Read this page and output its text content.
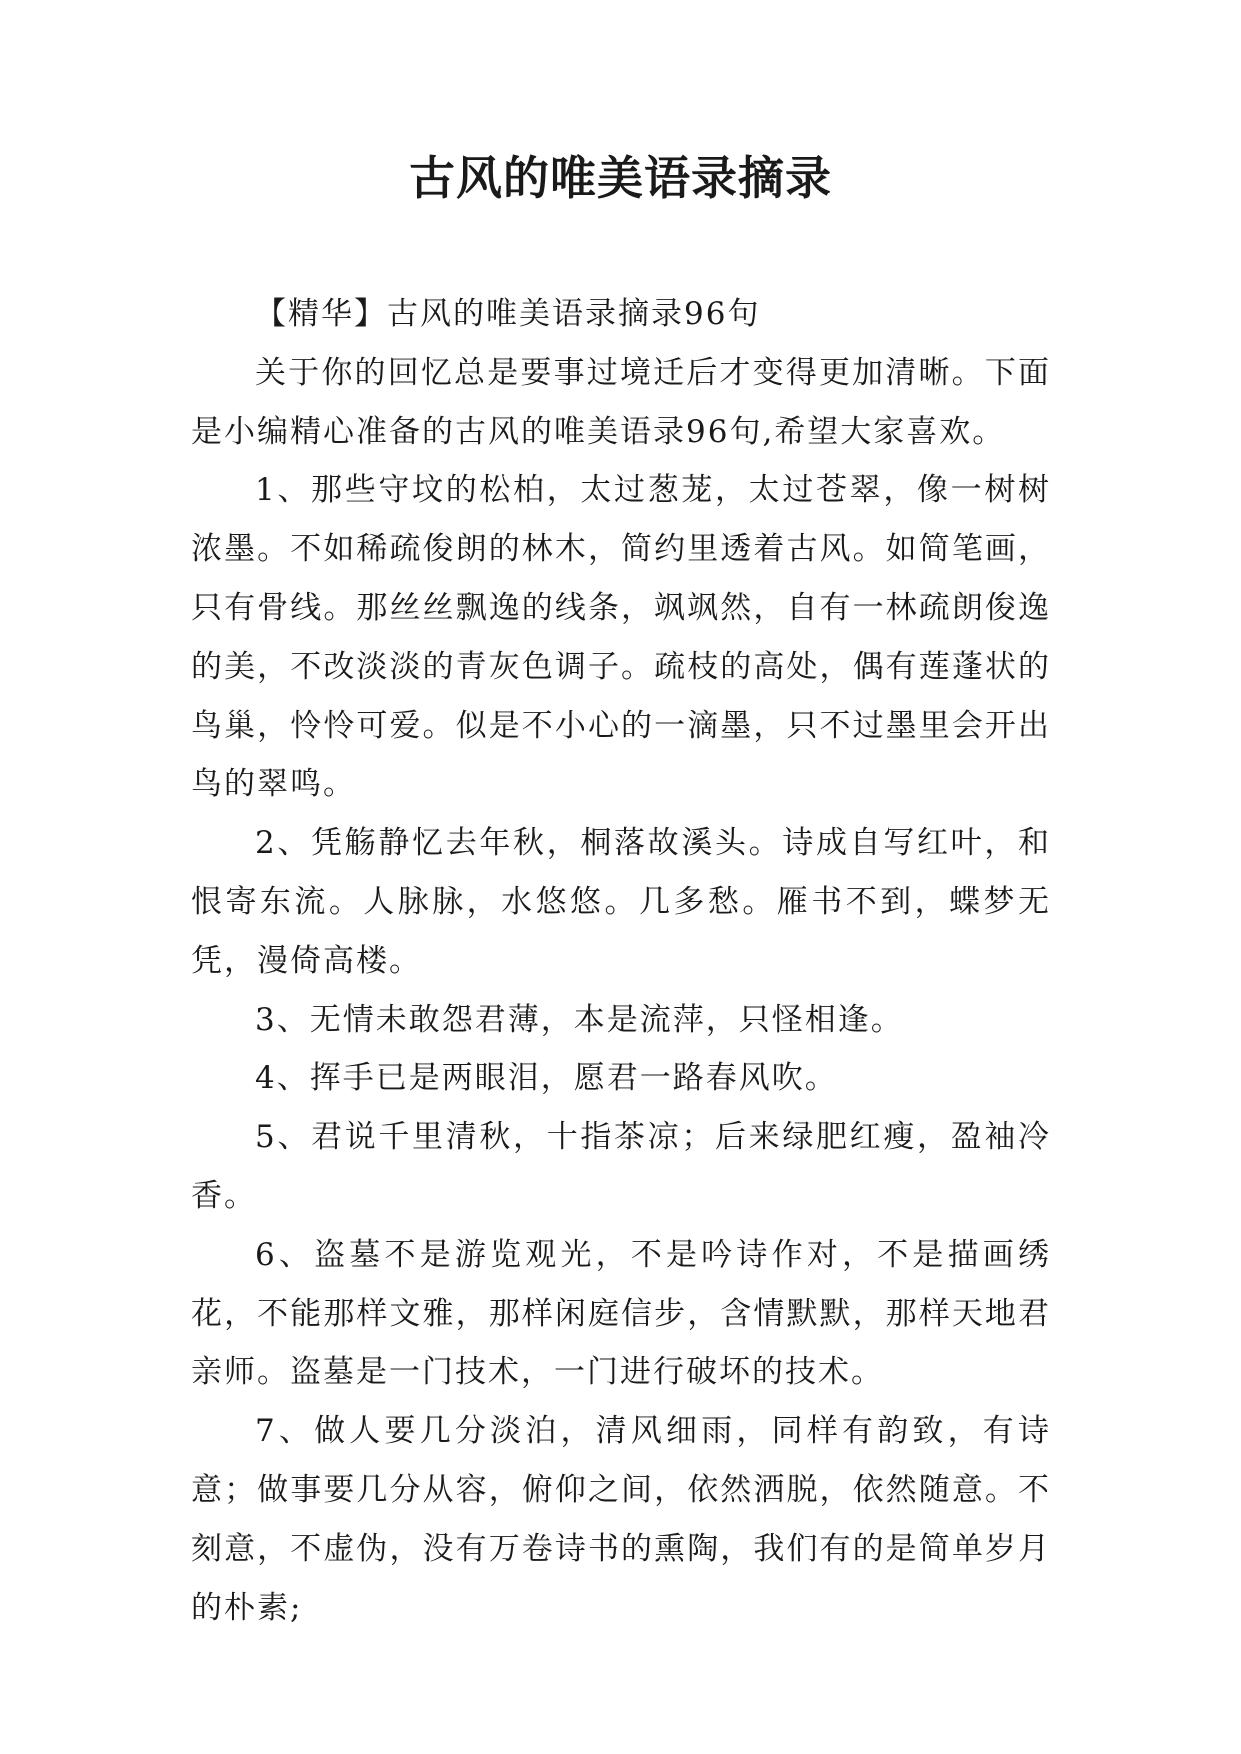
古风的唯美语录摘录

【精华】古风的唯美语录摘录96句

关于你的回忆总是要事过境迁后才变得更加清晰。下面是小编精心准备的古风的唯美语录96句,希望大家喜欢。

1、那些守坟的松柏，太过葱茏，太过苍翠，像一树树浓墨。不如稀疏俊朗的林木，简约里透着古风。如简笔画，只有骨线。那丝丝飘逸的线条，飒飒然，自有一林疏朗俊逸的美，不改淡淡的青灰色调子。疏枝的高处，偶有莲蓬状的鸟巢，怜怜可爱。似是不小心的一滴墨，只不过墨里会开出鸟的翠鸣。

2、凭觞静忆去年秋，桐落故溪头。诗成自写红叶，和恨寄东流。人脉脉，水悠悠。几多愁。雁书不到，蝶梦无凭，漫倚高楼。

3、无情未敢怨君薄，本是流萍，只怪相逢。

4、挥手已是两眼泪，愿君一路春风吹。

5、君说千里清秋，十指茶凉；后来绿肥红瘦，盈袖冷香。

6、盗墓不是游览观光，不是吟诗作对，不是描画绣花，不能那样文雅，那样闲庭信步，含情默默，那样天地君亲师。盗墓是一门技术，一门进行破坏的技术。

7、做人要几分淡泊，清风细雨，同样有韵致，有诗意；做事要几分从容，俯仰之间，依然洒脱，依然随意。不刻意，不虚伪，没有万卷诗书的熏陶，我们有的是简单岁月的朴素;
